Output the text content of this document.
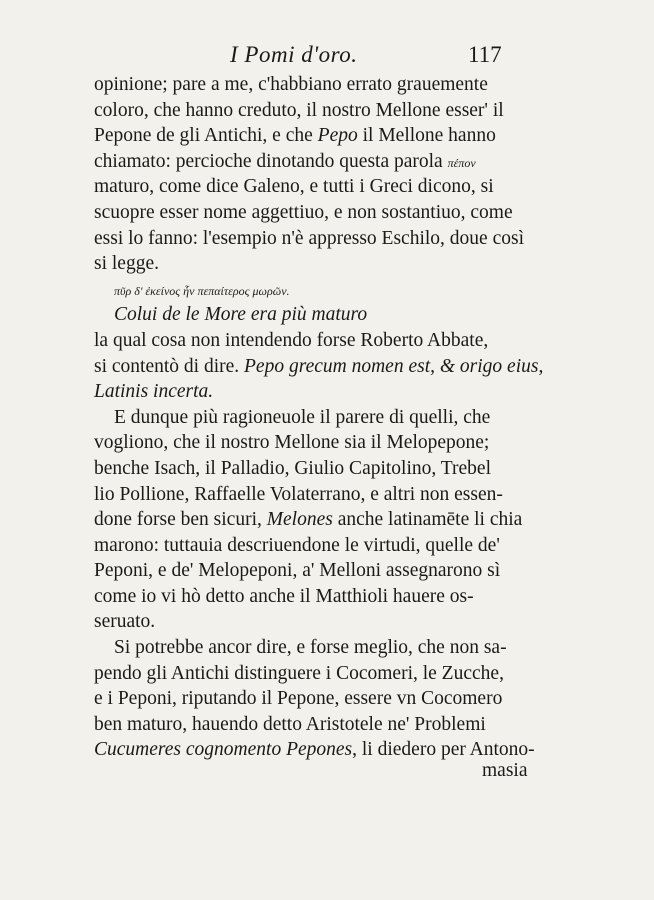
I Pomi d'oro.	117
opinione; pare a me, c'habbiano errato grauemente
coloro, che hanno creduto, il nostro Mellone esser' il
Pepone de gli Antichi, e che Pepo il Mellone hanno
chiamato: percioche dinotando questa parola πέπον
maturo, come dice Galeno, e tutti i Greci dicono, si
scuopre esser nome aggettiuo, e non sostantiuo, come
essi lo fanno: l'esempio n'è appresso Eschilo, doue così
si legge.
πῦρ δ' ἐκείνος ἦν πεπαίτερος μωρῶν.
Colui de le More era più maturo
la qual cosa non intendendo forse Roberto Abbate,
si contentò di dire. Pepo grecum nomen est, & origo eius,
Latinis incerta.
E dunque più ragioneuole il parere di quelli, che
vogliono, che il nostro Mellone sia il Melopepone;
benche Isach, il Palladio, Giulio Capitolino, Trebel
lio Pollione, Raffaelle Volaterrano, e altri non essen-
done forse ben sicuri, Melones anche latinamēte li chia
marono: tuttauia descriuendone le virtudi, quelle de'
Peponi, e de' Melopeponi, a' Melloni assegnarono sì
come io vi hò detto anche il Matthioli hauere os-
seruato.
Si potrebbe ancor dire, e forse meglio, che non sa-
pendo gli Antichi distinguere i Cocomeri, le Zucche,
e i Peponi, riputando il Pepone, essere vn Cocomero
ben maturo, hauendo detto Aristotele ne' Problemi
Cucumeres cognomento Pepones, li diedero per Antono-
masia
